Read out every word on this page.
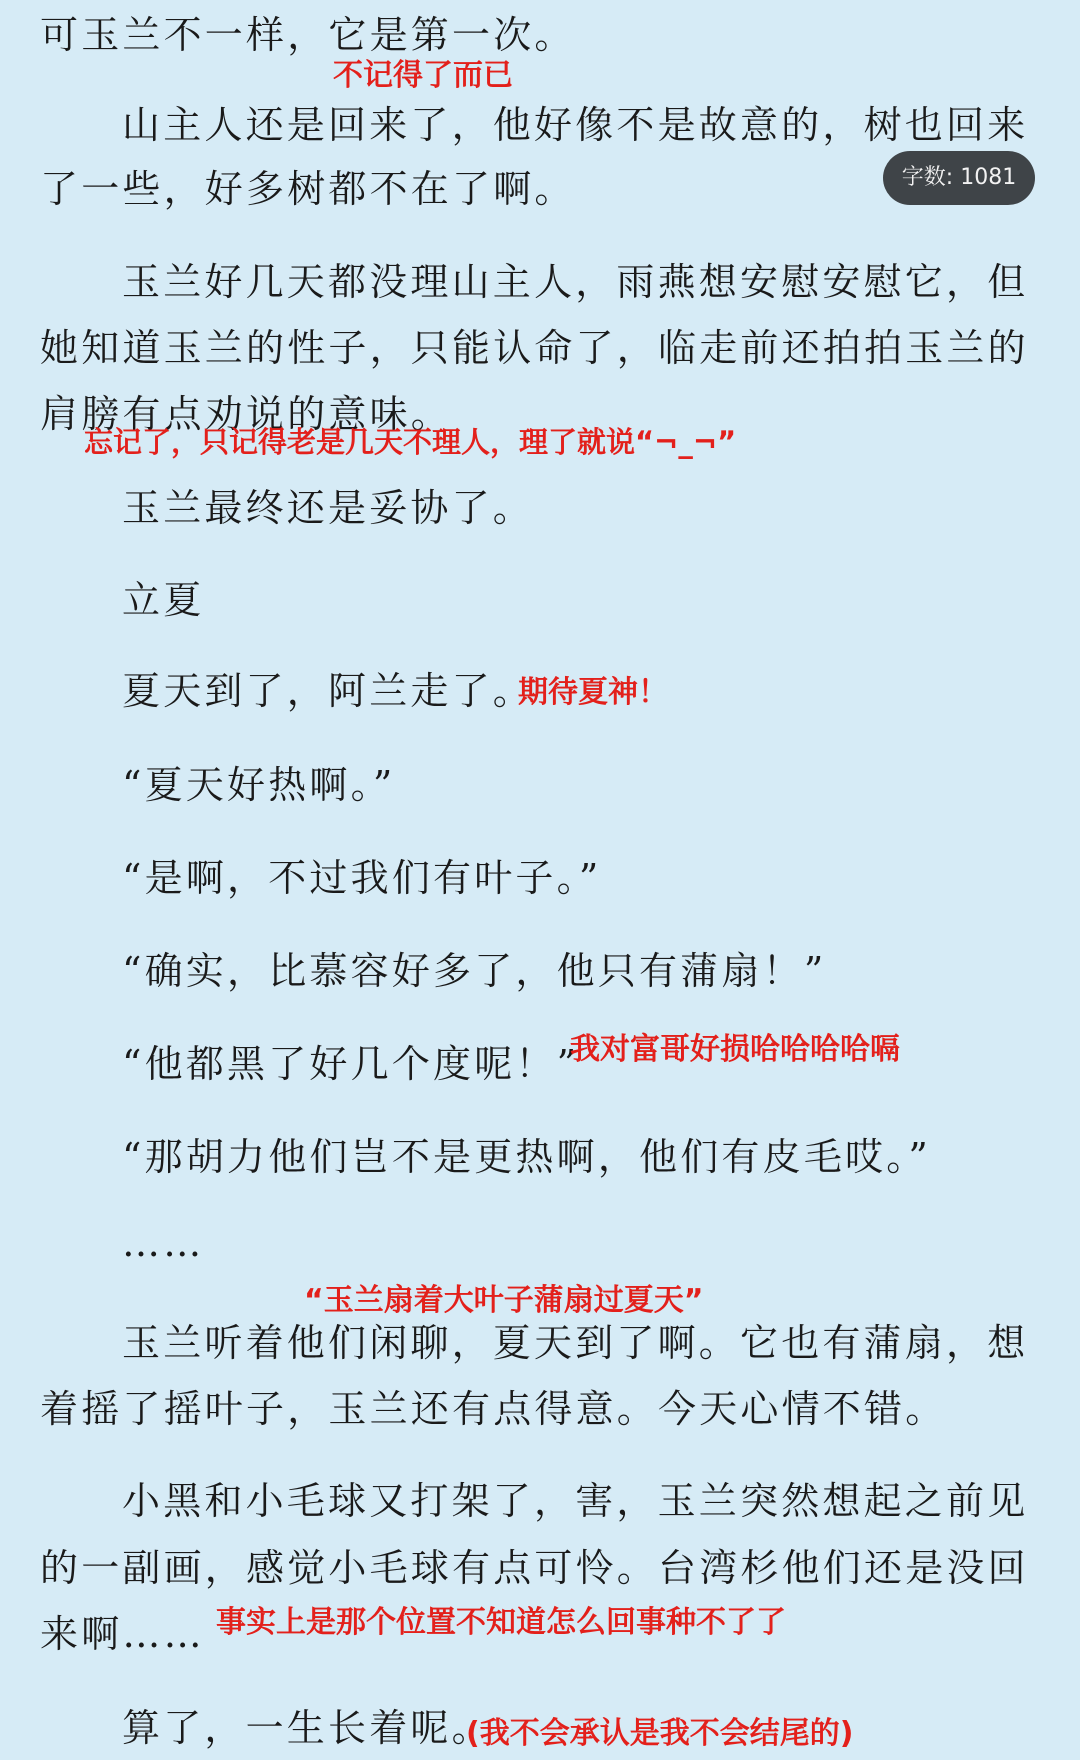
可玉兰不一样，它是第一次。

山主人还是回来了，他好像不是故意的，树也回来

了一些，好多树都不在了啊。

玉兰好几天都没理山主人，雨燕想安慰安慰它，但

她知道玉兰的性子，只能认命了，临走前还拍拍玉兰的

肩膀有点劝说的意味。

玉兰最终还是妥协了。

立夏

夏天到了，阿兰走了。

“夏天好热啊。”

“是啊，不过我们有叶子。”

“确实，比慕容好多了，他只有蒲扇！”

“他都黑了好几个度呢！”

“那胡力他们岂不是更热啊，他们有皮毛哎。”

……

玉兰听着他们闲聊，夏天到了啊。它也有蒲扇，想

着摇了摇叶子，玉兰还有点得意。今天心情不错。

小黑和小毛球又打架了，害，玉兰突然想起之前见

的一副画，感觉小毛球有点可怜。台湾杉他们还是没回

来啊……

算了，一生长着呢。

不记得了而已

忘记了，只记得老是几天不理人，理了就说“¬_¬”

期待夏神！

我对富哥好损哈哈哈哈嗝

“玉兰扇着大叶子蒲扇过夏天”

事实上是那个位置不知道怎么回事种不了了

(我不会承认是我不会结尾的)

字数: 1081
